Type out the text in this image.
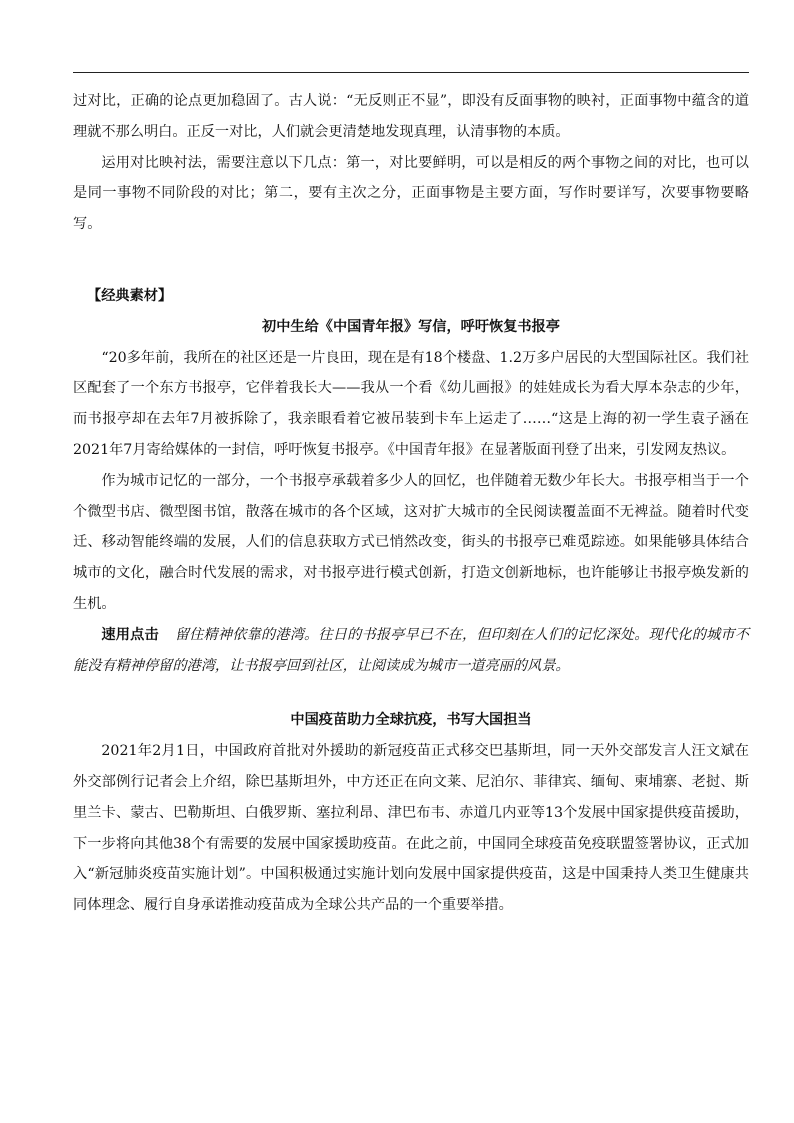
过对比，正确的论点更加稳固了。古人说：“无反则正不显”，即没有反面事物的映衬，正面事物中蕴含的道理就不那么明白。正反一对比，人们就会更清楚地发现真理，认清事物的本质。

运用对比映衬法，需要注意以下几点：第一，对比要鲜明，可以是相反的两个事物之间的对比，也可以是同一事物不同阶段的对比；第二，要有主次之分，正面事物是主要方面，写作时要详写，次要事物要略写。

【经典素材】

初中生给《中国青年报》写信，呼吁恢复书报亭

“20多年前，我所在的社区还是一片良田，现在是有18个楼盘、1.2万多户居民的大型国际社区。我们社区配套了一个东方书报亭，它伴着我长大——我从一个看《幼儿画报》的娃娃成长为看大厚本杂志的少年，而书报亭却在去年7月被拆除了，我亲眼看着它被吊装到卡车上运走了……“这是上海的初一学生袁子涵在2021年7月寄给媒体的一封信，呼吁恢复书报亭。《中国青年报》在显著版面刊登了出来，引发网友热议。

作为城市记忆的一部分，一个书报亭承载着多少人的回忆，也伴随着无数少年长大。书报亭相当于一个个微型书店、微型图书馆，散落在城市的各个区域，这对扩大城市的全民阅读覆盖面不无裨益。随着时代变迁、移动智能终端的发展，人们的信息获取方式已悄然改变，街头的书报亭已难觅踪迹。如果能够具体结合城市的文化，融合时代发展的需求，对书报亭进行模式创新，打造文创新地标，也许能够让书报亭焕发新的生机。

速用点击 留住精神依靠的港湾。往日的书报亭早已不在，但印刻在人们的记忆深处。现代化的城市不能没有精神停留的港湾，让书报亭回到社区，让阅读成为城市一道亮丽的风景。

中国疫苗助力全球抗疫，书写大国担当

2021年2月1日，中国政府首批对外援助的新冠疫苗正式移交巴基斯坦，同一天外交部发言人汪文斌在外交部例行记者会上介绍，除巴基斯坦外，中方还正在向文莱、尼泊尔、菲律宾、缅甸、柬埔寨、老挝、斯里兰卡、蒙古、巴勒斯坦、白俄罗斯、塞拉利昂、津巴布韦、赤道几内亚等13个发展中国家提供疫苗援助，下一步将向其他38个有需要的发展中国家援助疫苗。在此之前，中国同全球疫苗免疫联盟签署协议，正式加入“新冠肺炎疫苗实施计划”。中国积极通过实施计划向发展中国家提供疫苗，这是中国秉持人类卫生健康共同体理念、履行自身承诺推动疫苗成为全球公共产品的一个重要举措。
